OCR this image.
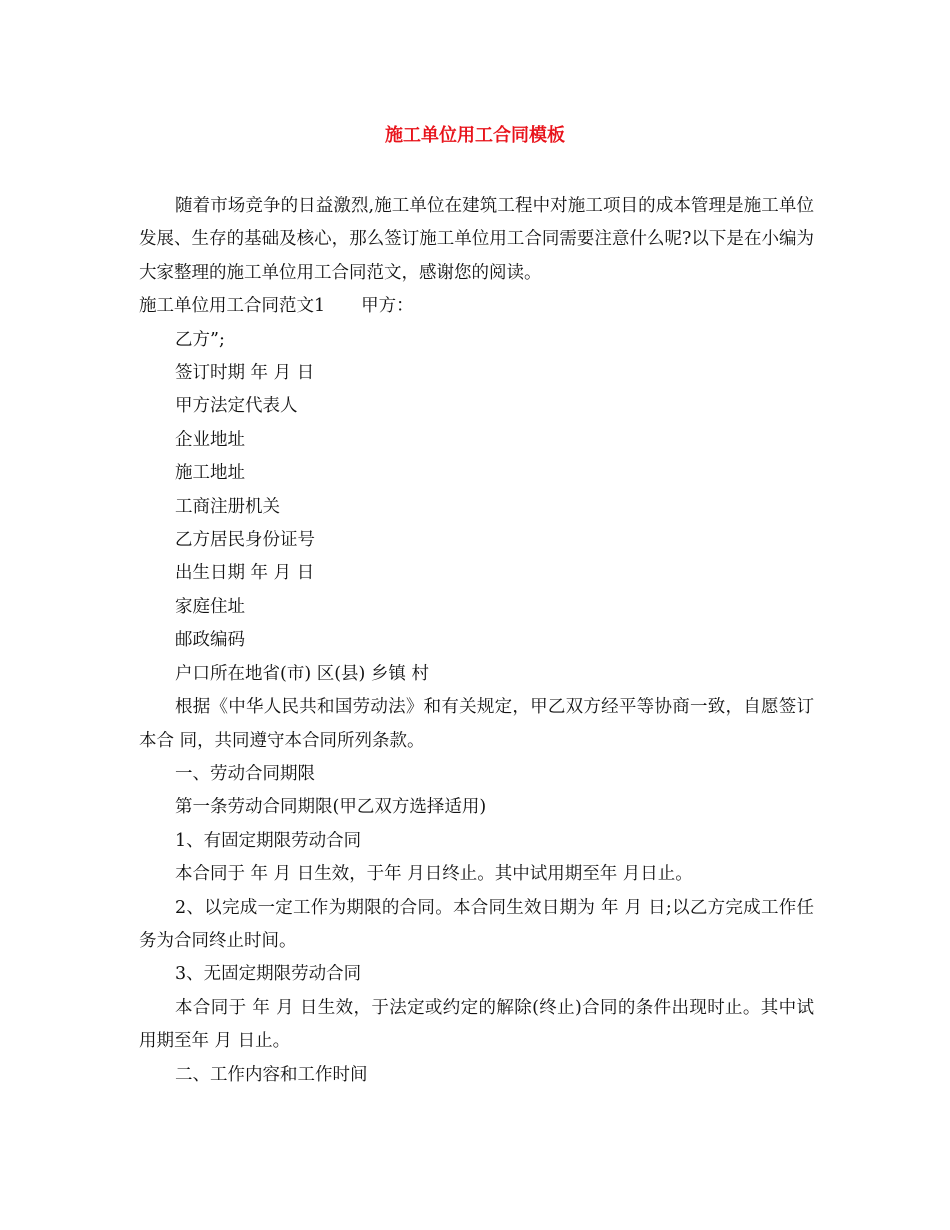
施工单位用工合同模板

随着市场竞争的日益激烈,施工单位在建筑工程中对施工项目的成本管理是施工单位发展、生存的基础及核心，那么签订施工单位用工合同需要注意什么呢?以下是在小编为大家整理的施工单位用工合同范文，感谢您的阅读。

施工单位用工合同范文1 甲方：

乙方”;

签订时期 年 月 日

甲方法定代表人

企业地址

施工地址

工商注册机关

乙方居民身份证号

出生日期 年 月 日

家庭住址

邮政编码

户口所在地省(市) 区(县) 乡镇 村

根据《中华人民共和国劳动法》和有关规定，甲乙双方经平等协商一致，自愿签订本合 同，共同遵守本合同所列条款。

一、劳动合同期限

第一条劳动合同期限(甲乙双方选择适用)

1、有固定期限劳动合同

本合同于 年 月 日生效，于年 月日终止。其中试用期至年 月日止。

2、以完成一定工作为期限的合同。本合同生效日期为 年 月 日;以乙方完成工作任务为合同终止时间。

3、无固定期限劳动合同

本合同于 年 月 日生效，于法定或约定的解除(终止)合同的条件出现时止。其中试用期至年 月 日止。

二、工作内容和工作时间
